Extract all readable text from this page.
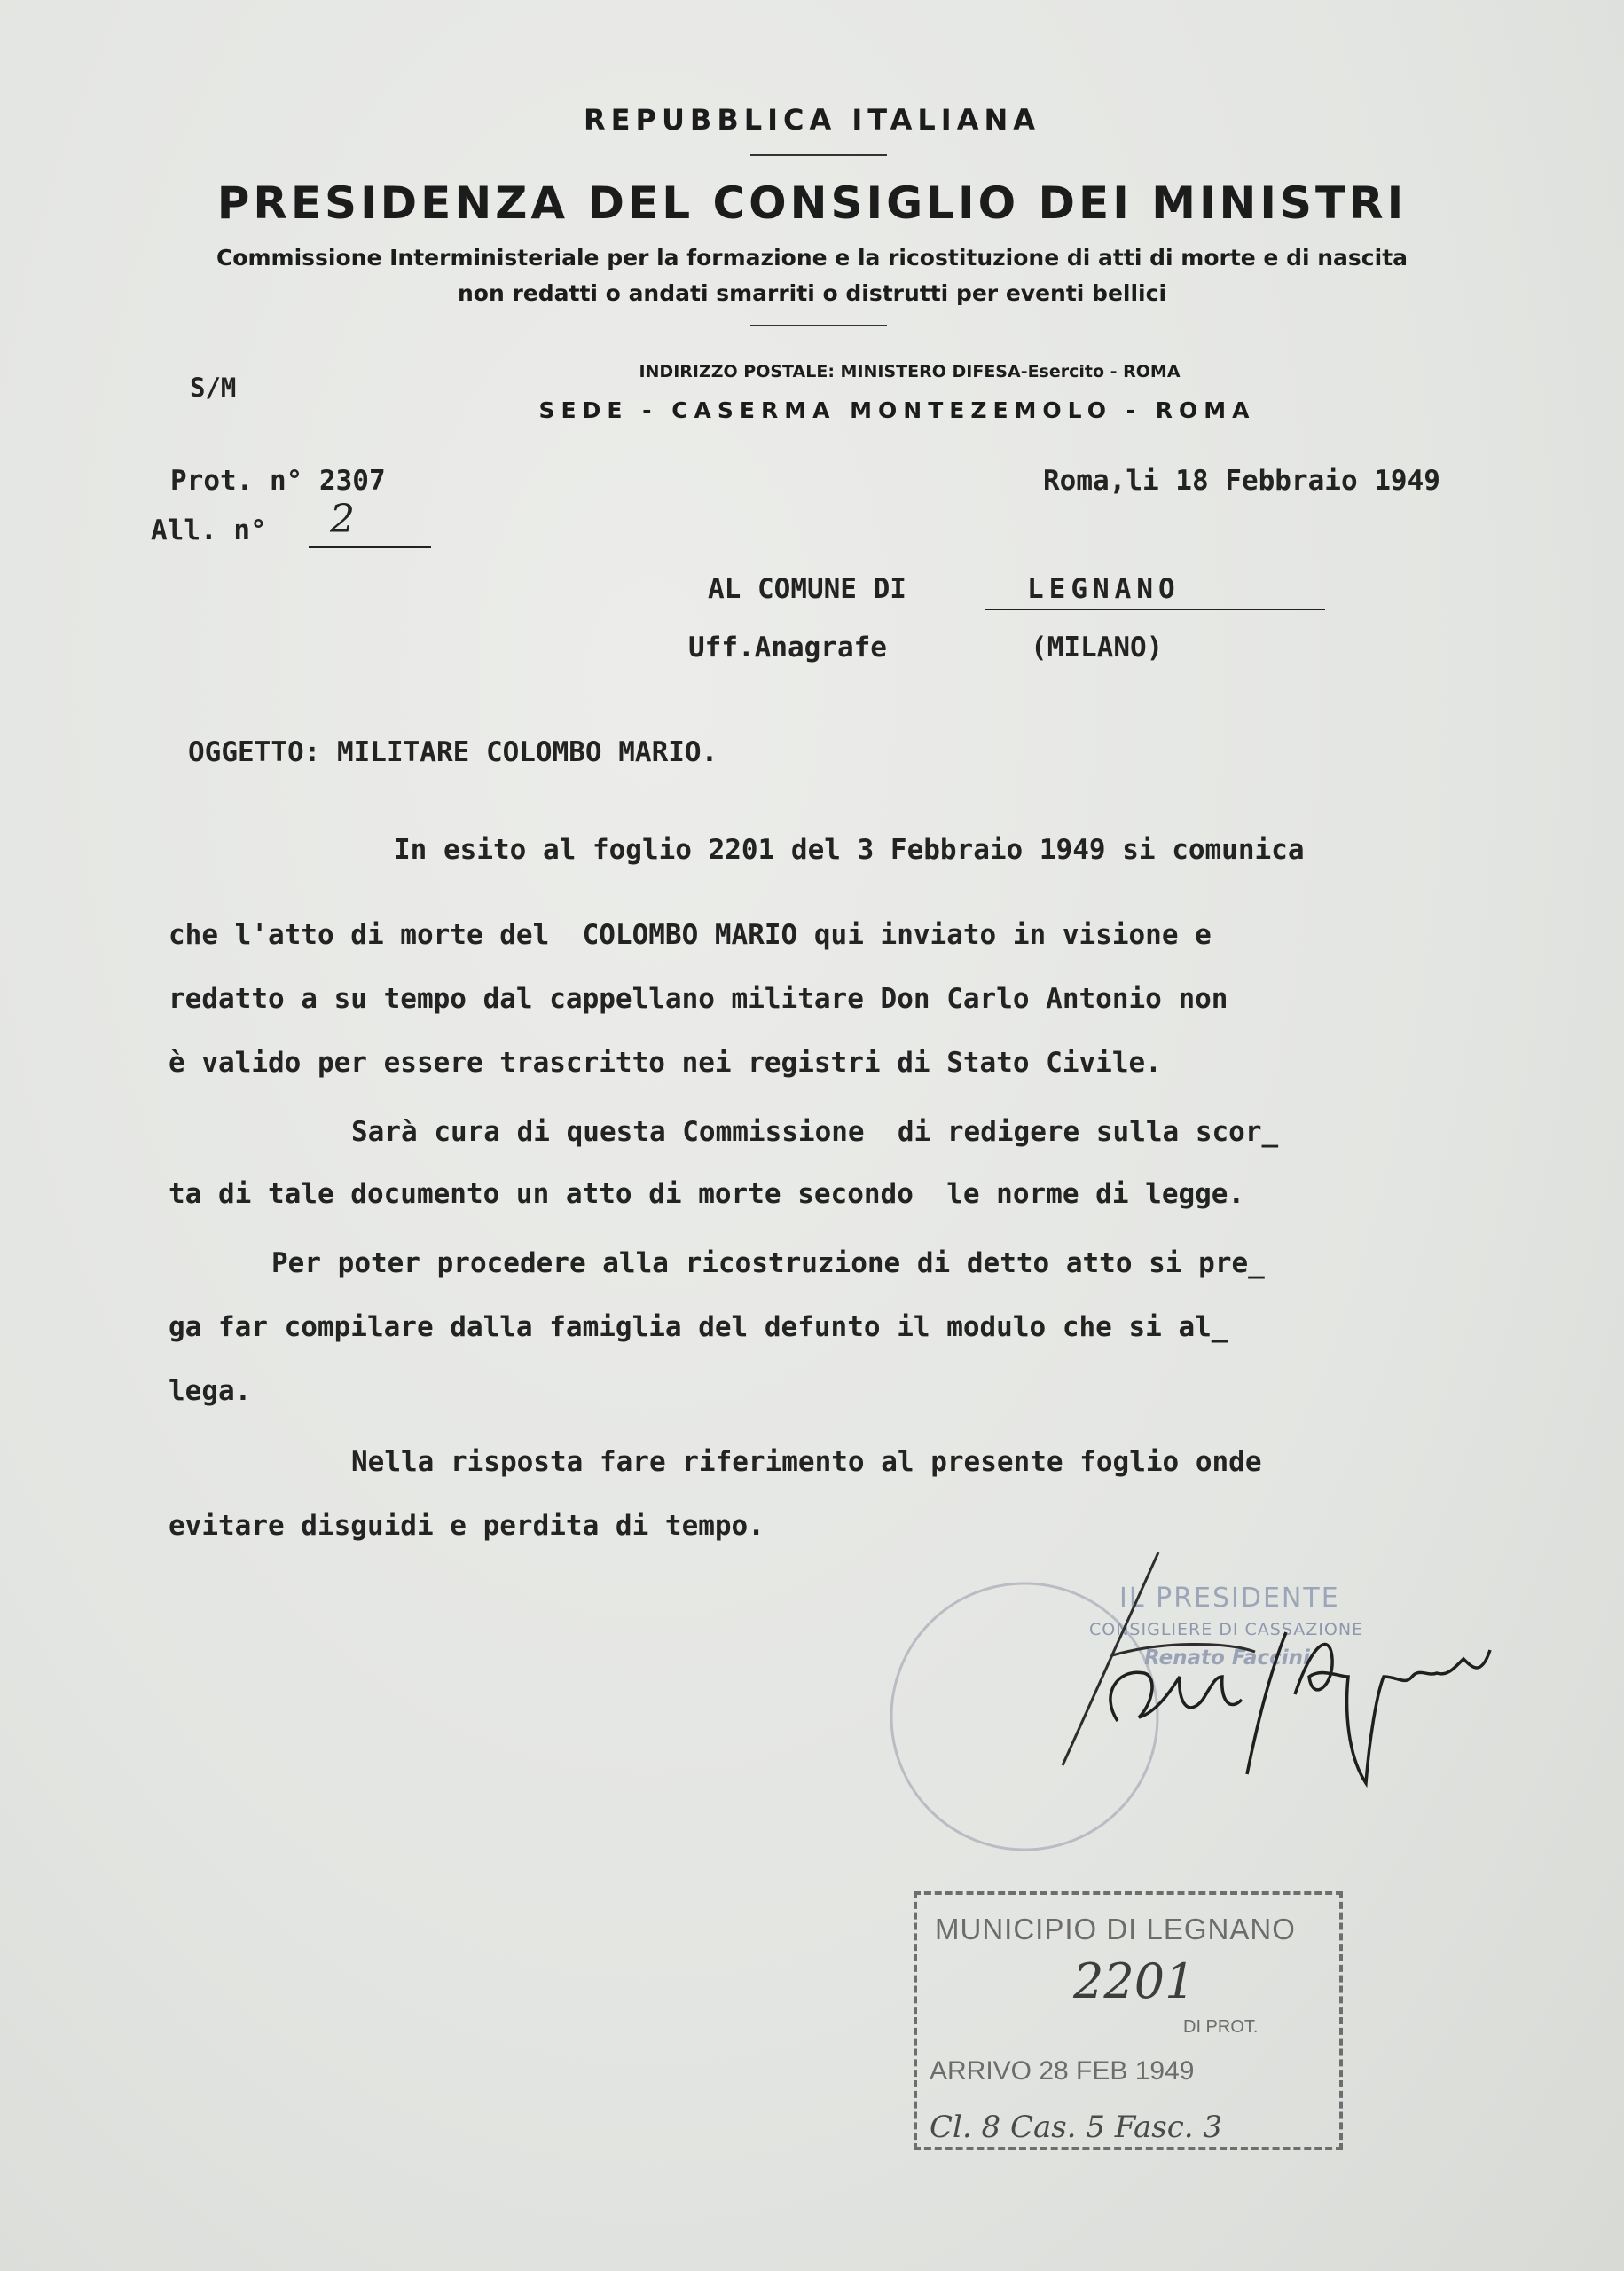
REPUBBLICA ITALIANA
PRESIDENZA DEL CONSIGLIO DEI MINISTRI
Commissione Interministeriale per la formazione e la ricostituzione di atti di morte e di nascita
non redatti o andati smarriti o distrutti per eventi bellici
INDIRIZZO POSTALE: MINISTERO DIFESA-Esercito - ROMA
SEDE - CASERMA MONTEZEMOLO - ROMA
S/M
Prot. n° 2307
All. n° 2
Roma,li 18 Febbraio 1949
AL COMUNE DI	LEGNANO
Uff.Anagrafe	(MILANO)
OGGETTO: MILITARE COLOMBO MARIO.
In esito al foglio 2201 del 3 Febbraio 1949 si comunica
che l'atto di morte del  COLOMBO MARIO qui inviato in visione e
redatto a su tempo dal cappellano militare Don Carlo Antonio non
è valido per essere trascritto nei registri di Stato Civile.
Sarà cura di questa Commissione  di redigere sulla scor_
ta di tale documento un atto di morte secondo  le norme di legge.
Per poter procedere alla ricostruzione di detto atto si pre_
ga far compilare dalla famiglia del defunto il modulo che si al_
lega.
Nella risposta fare riferimento al presente foglio onde
evitare disguidi e perdita di tempo.
IL PRESIDENTE
CONSIGLIERE DI CASSAZIONE
Renato Faccini
MUNICIPIO DI LEGNANO
2201
DI PROT.
ARRIVO 28 FEB 1949
Cl. 8 Cas. 5 Fasc. 3
